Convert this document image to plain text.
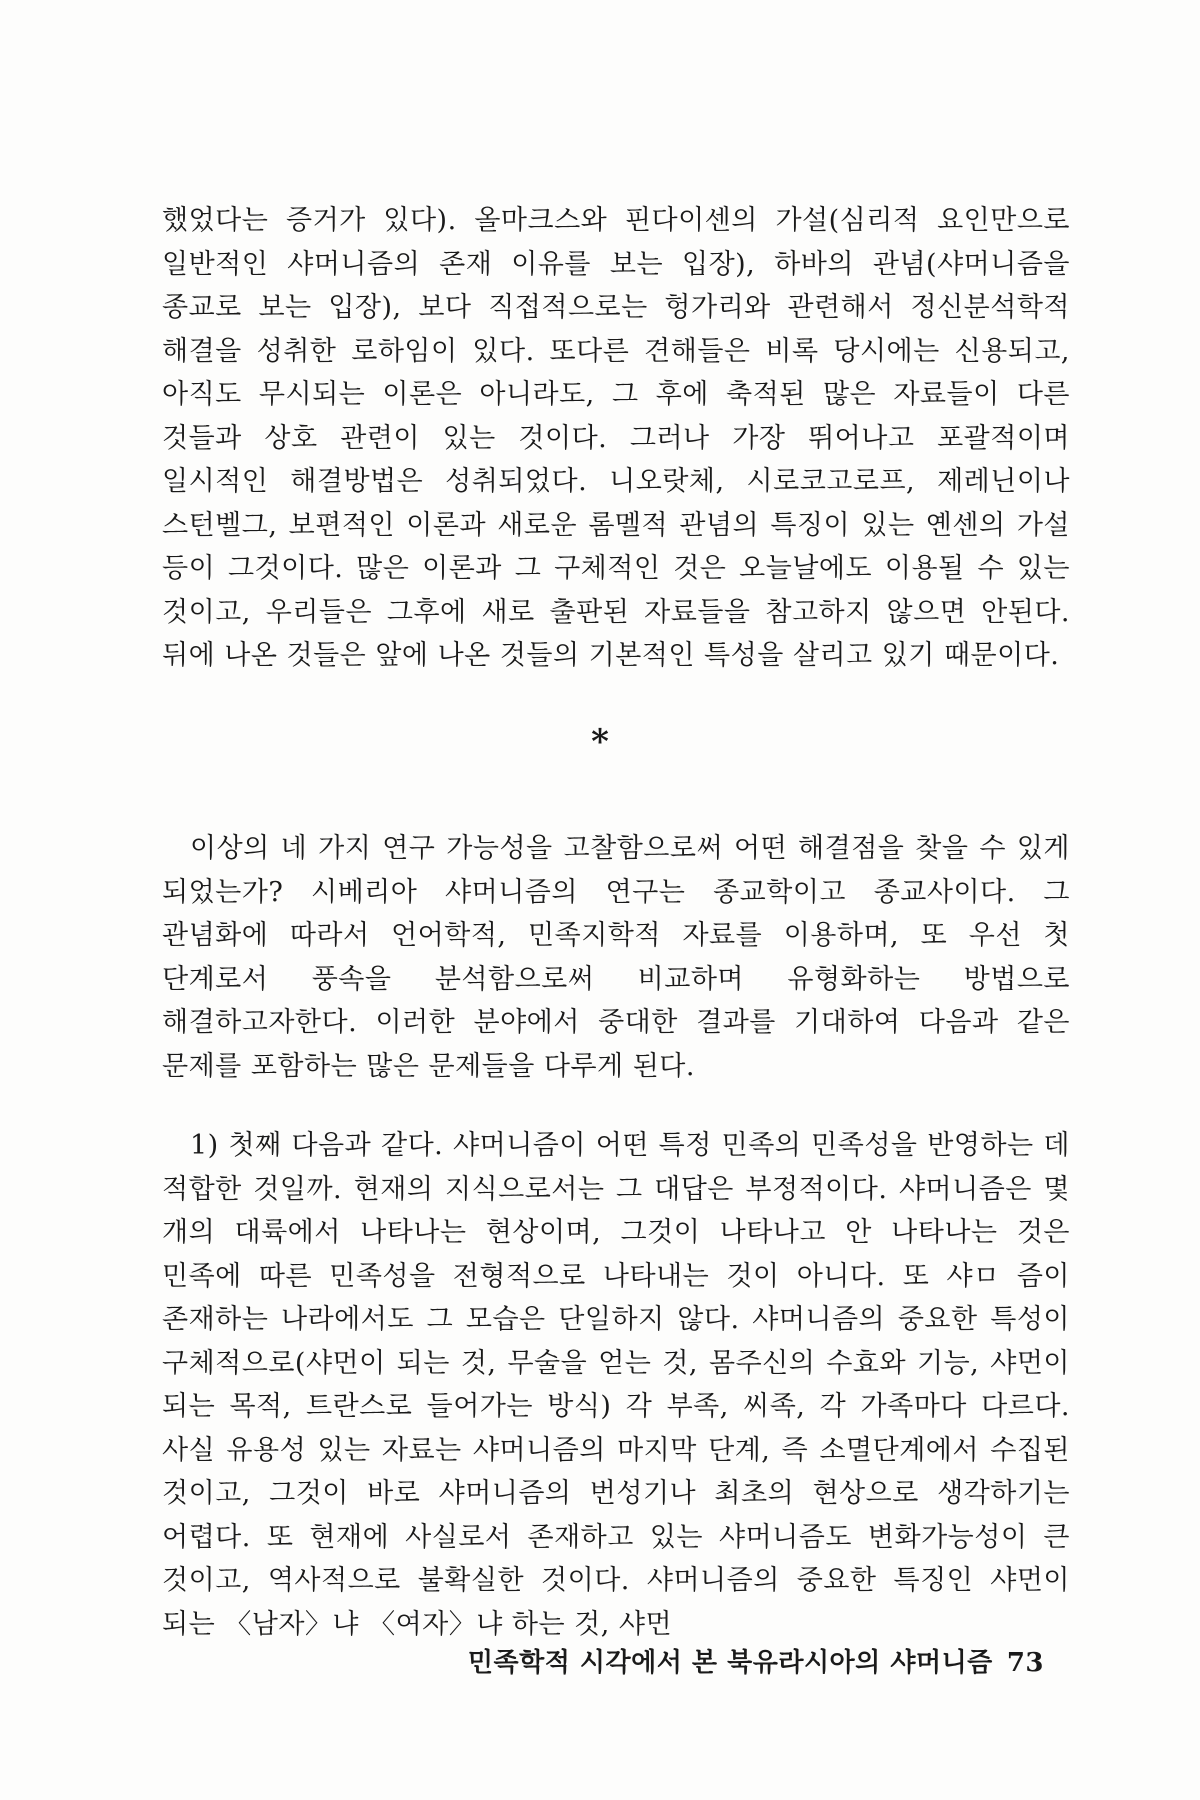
했었다는 증거가 있다). 올마크스와 핀다이센의 가설(심리적 요인만으로 일반적인 샤머니즘의 존재 이유를 보는 입장), 하바의 관념(샤머니즘을 종교로 보는 입장), 보다 직접적으로는 헝가리와 관련해서 정신분석학적 해결을 성취한 로하임이 있다. 또다른 견해들은 비록 당시에는 신용되고, 아직도 무시되는 이론은 아니라도, 그 후에 축적된 많은 자료들이 다른 것들과 상호 관련이 있는 것이다. 그러나 가장 뛰어나고 포괄적이며 일시적인 해결방법은 성취되었다. 니오랏체, 시로코고로프, 제레닌이나 스턴벨그, 보편적인 이론과 새로운 롬멜적 관념의 특징이 있는 옌센의 가설 등이 그것이다. 많은 이론과 그 구체적인 것은 오늘날에도 이용될 수 있는 것이고, 우리들은 그후에 새로 출판된 자료들을 참고하지 않으면 안된다. 뒤에 나온 것들은 앞에 나온 것들의 기본적인 특성을 살리고 있기 때문이다.

*

이상의 네 가지 연구 가능성을 고찰함으로써 어떤 해결점을 찾을 수 있게 되었는가? 시베리아 샤머니즘의 연구는 종교학이고 종교사이다. 그 관념화에 따라서 언어학적, 민족지학적 자료를 이용하며, 또 우선 첫 단계로서 풍속을 분석함으로써 비교하며 유형화하는 방법으로 해결하고자한다. 이러한 분야에서 중대한 결과를 기대하여 다음과 같은 문제를 포함하는 많은 문제들을 다루게 된다.

1) 첫째 다음과 같다. 샤머니즘이 어떤 특정 민족의 민족성을 반영하는 데 적합한 것일까. 현재의 지식으로서는 그 대답은 부정적이다. 샤머니즘은 몇 개의 대륙에서 나타나는 현상이며, 그것이 나타나고 안 나타나는 것은 민족에 따른 민족성을 전형적으로 나타내는 것이 아니다. 또 샤ㅁ 즘이 존재하는 나라에서도 그 모습은 단일하지 않다. 샤머니즘의 중요한 특성이 구체적으로(샤먼이 되는 것, 무술을 얻는 것, 몸주신의 수효와 기능, 샤먼이 되는 목적, 트란스로 들어가는 방식) 각 부족, 씨족, 각 가족마다 다르다. 사실 유용성 있는 자료는 샤머니즘의 마지막 단계, 즉 소멸단계에서 수집된 것이고, 그것이 바로 샤머니즘의 번성기나 최초의 현상으로 생각하기는 어렵다. 또 현재에 사실로서 존재하고 있는 샤머니즘도 변화가능성이 큰 것이고, 역사적으로 불확실한 것이다. 샤머니즘의 중요한 특징인 샤먼이 되는 〈남자〉냐 〈여자〉냐 하는 것, 샤먼

민족학적 시각에서 본 북유라시아의 샤머니즘 73
